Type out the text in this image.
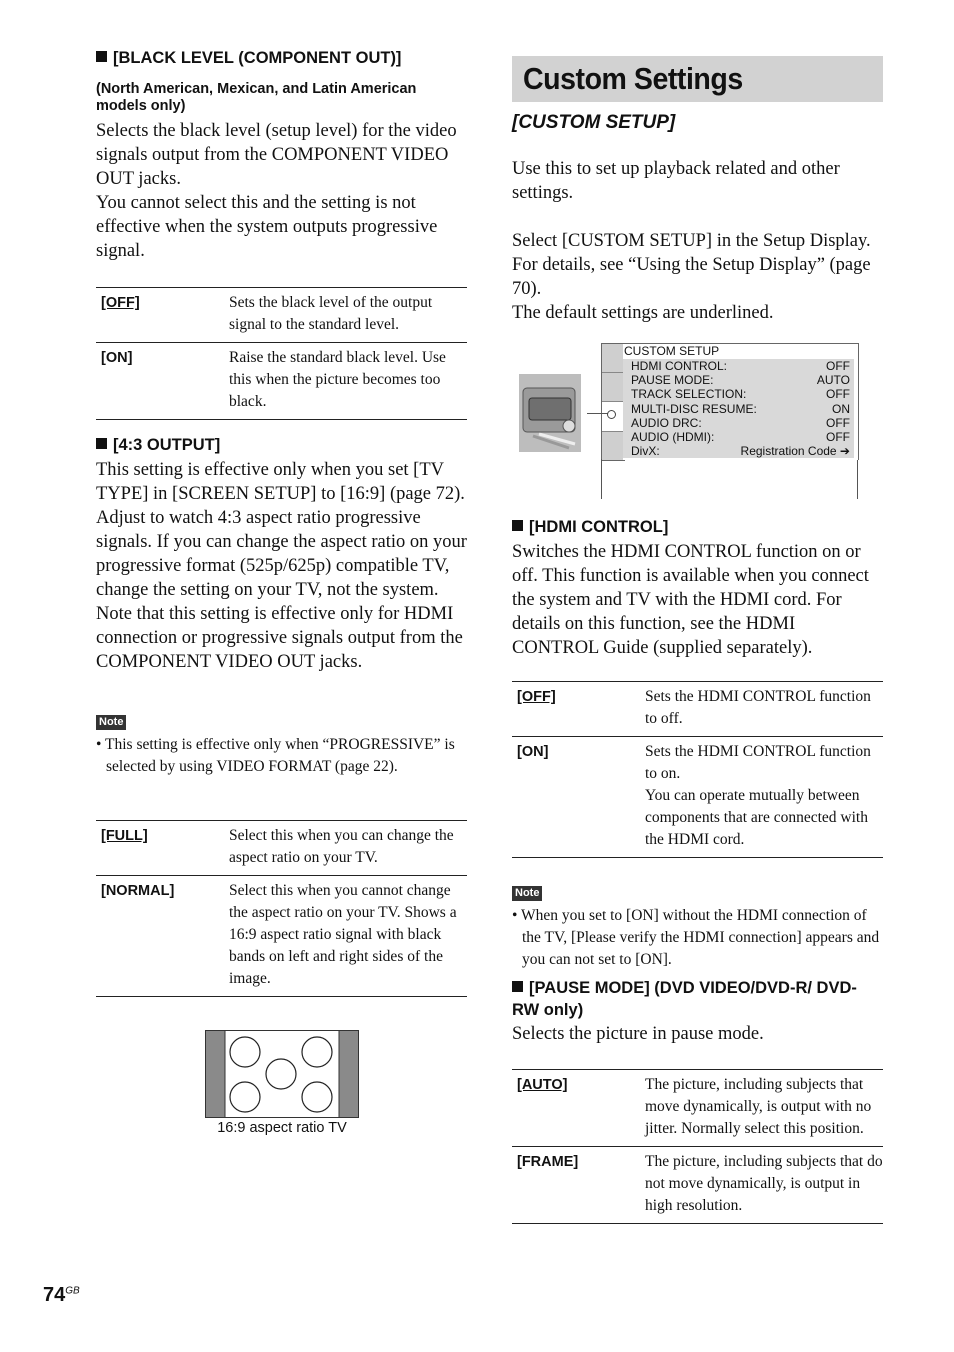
[BLACK LEVEL (COMPONENT OUT)]

(North American, Mexican, and Latin American models only)

Selects the black level (setup level) for the video signals output from the COMPONENT VIDEO OUT jacks.

You cannot select this and the setting is not effective when the system outputs progressive signal.

[OFF]	Sets the black level of the output signal to the standard level.
[ON]	Raise the standard black level. Use this when the picture becomes too black.

[4:3 OUTPUT]

This setting is effective only when you set [TV TYPE] in [SCREEN SETUP] to [16:9] (page 72). Adjust to watch 4:3 aspect ratio progressive signals. If you can change the aspect ratio on your progressive format (525p/625p) compatible TV, change the setting on your TV, not the system. Note that this setting is effective only for HDMI connection or progressive signals output from the COMPONENT VIDEO OUT jacks.

Note

• This setting is effective only when “PROGRESSIVE” is selected by using VIDEO FORMAT (page 22).

[FULL]	Select this when you can change the aspect ratio on your TV.
[NORMAL]	Select this when you cannot change the aspect ratio on your TV. Shows a 16:9 aspect ratio signal with black bands on left and right sides of the image.
16:9 aspect ratio TV
Custom Settings

[CUSTOM SETUP]

Use this to set up playback related and other settings.

Select [CUSTOM SETUP] in the Setup Display.

For details, see “Using the Setup Display” (page 70).

The default settings are underlined.

CUSTOM SETUP
HDMI CONTROL:	OFF
PAUSE MODE:	AUTO
TRACK SELECTION:	OFF
MULTI-DISC RESUME:	ON
AUDIO DRC:	OFF
AUDIO (HDMI):	OFF
DivX:	Registration Code ➔

[HDMI CONTROL]

Switches the HDMI CONTROL function on or off. This function is available when you connect the system and TV with the HDMI cord. For details on this function, see the HDMI CONTROL Guide (supplied separately).

[OFF]	Sets the HDMI CONTROL function to off.
[ON]	Sets the HDMI CONTROL function to on.
You can operate mutually between components that are connected with the HDMI cord.
Note

• When you set to [ON] without the HDMI connection of the TV, [Please verify the HDMI connection] appears and you can not set to [ON].

[PAUSE MODE] (DVD VIDEO/DVD-R/ DVD-RW only)

Selects the picture in pause mode.

[AUTO]	The picture, including subjects that move dynamically, is output with no jitter. Normally select this position.
[FRAME]	The picture, including subjects that do not move dynamically, is output in high resolution.
$74^{GB}$
